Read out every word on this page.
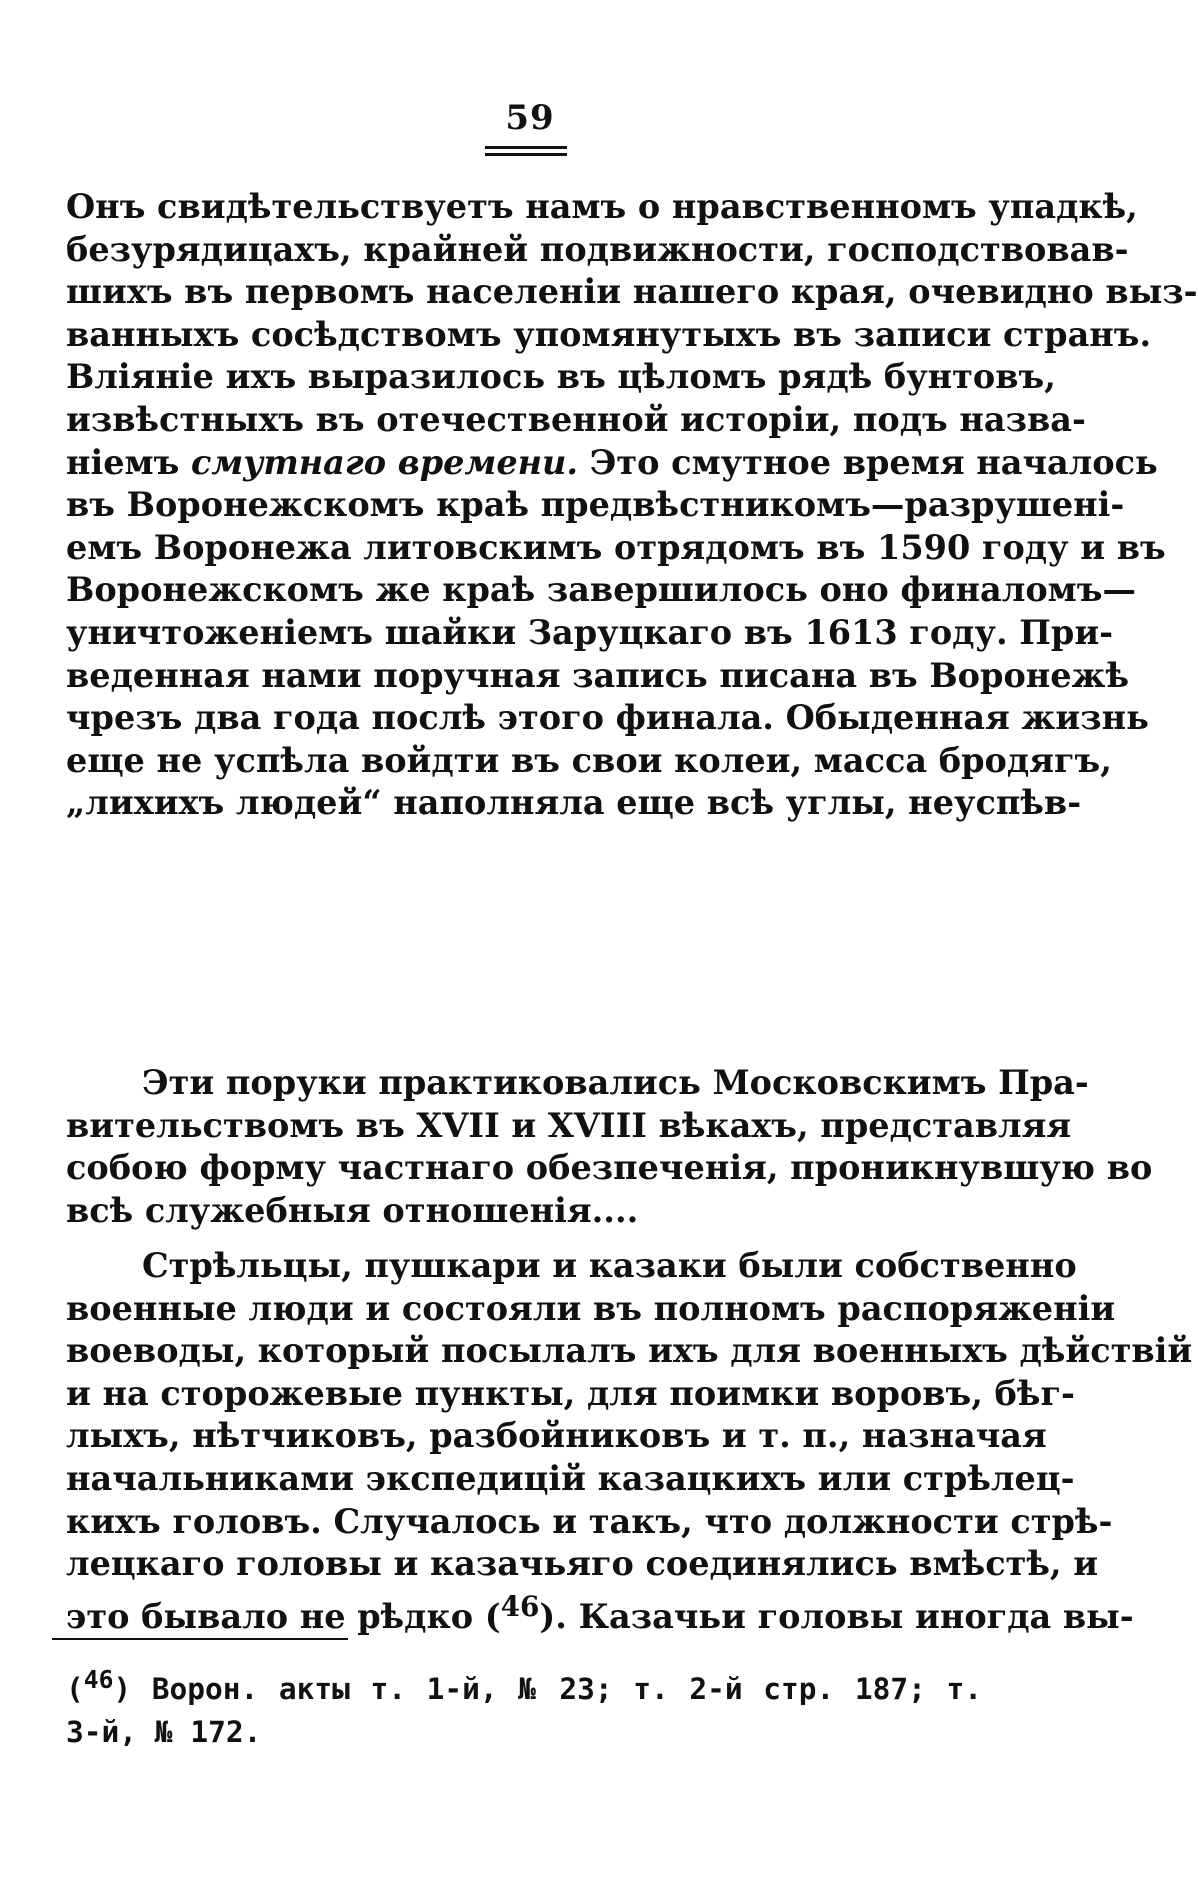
59
Онъ свидѣтельствуетъ намъ о нравственномъ упадкѣ,
безурядицахъ, крайней подвижности, господствовав-
шихъ въ первомъ населеніи нашего края, очевидно выз-
ванныхъ сосѣдствомъ упомянутыхъ въ записи странъ.
Вліяніе ихъ выразилось въ цѣломъ рядѣ бунтовъ,
извѣстныхъ въ отечественной исторіи, подъ назва-
ніемъ смутнаго времени. Это смутное время началось
въ Воронежскомъ краѣ предвѣстникомъ—разрушені-
емъ Воронежа литовскимъ отрядомъ въ 1590 году и въ
Воронежскомъ же краѣ завершилось оно финаломъ—
уничтоженіемъ шайки Заруцкаго въ 1613 году. При-
веденная нами поручная запись писана въ Воронежѣ
чрезъ два года послѣ этого финала. Обыденная жизнь
еще не успѣла войдти въ свои колеи, масса бродягъ,
„лихихъ людей“ наполняла еще всѣ углы, неуспѣв-
Эти поруки практиковались Московскимъ Пра-
вительствомъ въ XVII и XVIII вѣкахъ, представляя
собою форму частнаго обезпеченія, проникнувшую во
всѣ служебныя отношенія....
Стрѣльцы, пушкари и казаки были собственно
военные люди и состояли въ полномъ распоряженіи
воеводы, который посылалъ ихъ для военныхъ дѣйствій
и на сторожевые пункты, для поимки воровъ, бѣг-
лыхъ, нѣтчиковъ, разбойниковъ и т. п., назначая
начальниками экспедицій казацкихъ или стрѣлец-
кихъ головъ. Случалось и такъ, что должности стрѣ-
лецкаго головы и казачьяго соединялись вмѣстѣ, и
это бывало не рѣдко ($^{46}$). Казачьи головы иногда вы-
($^{46}$) Ворон. акты т. 1-й, № 23; т. 2-й стр. 187; т.
3-й, № 172.
